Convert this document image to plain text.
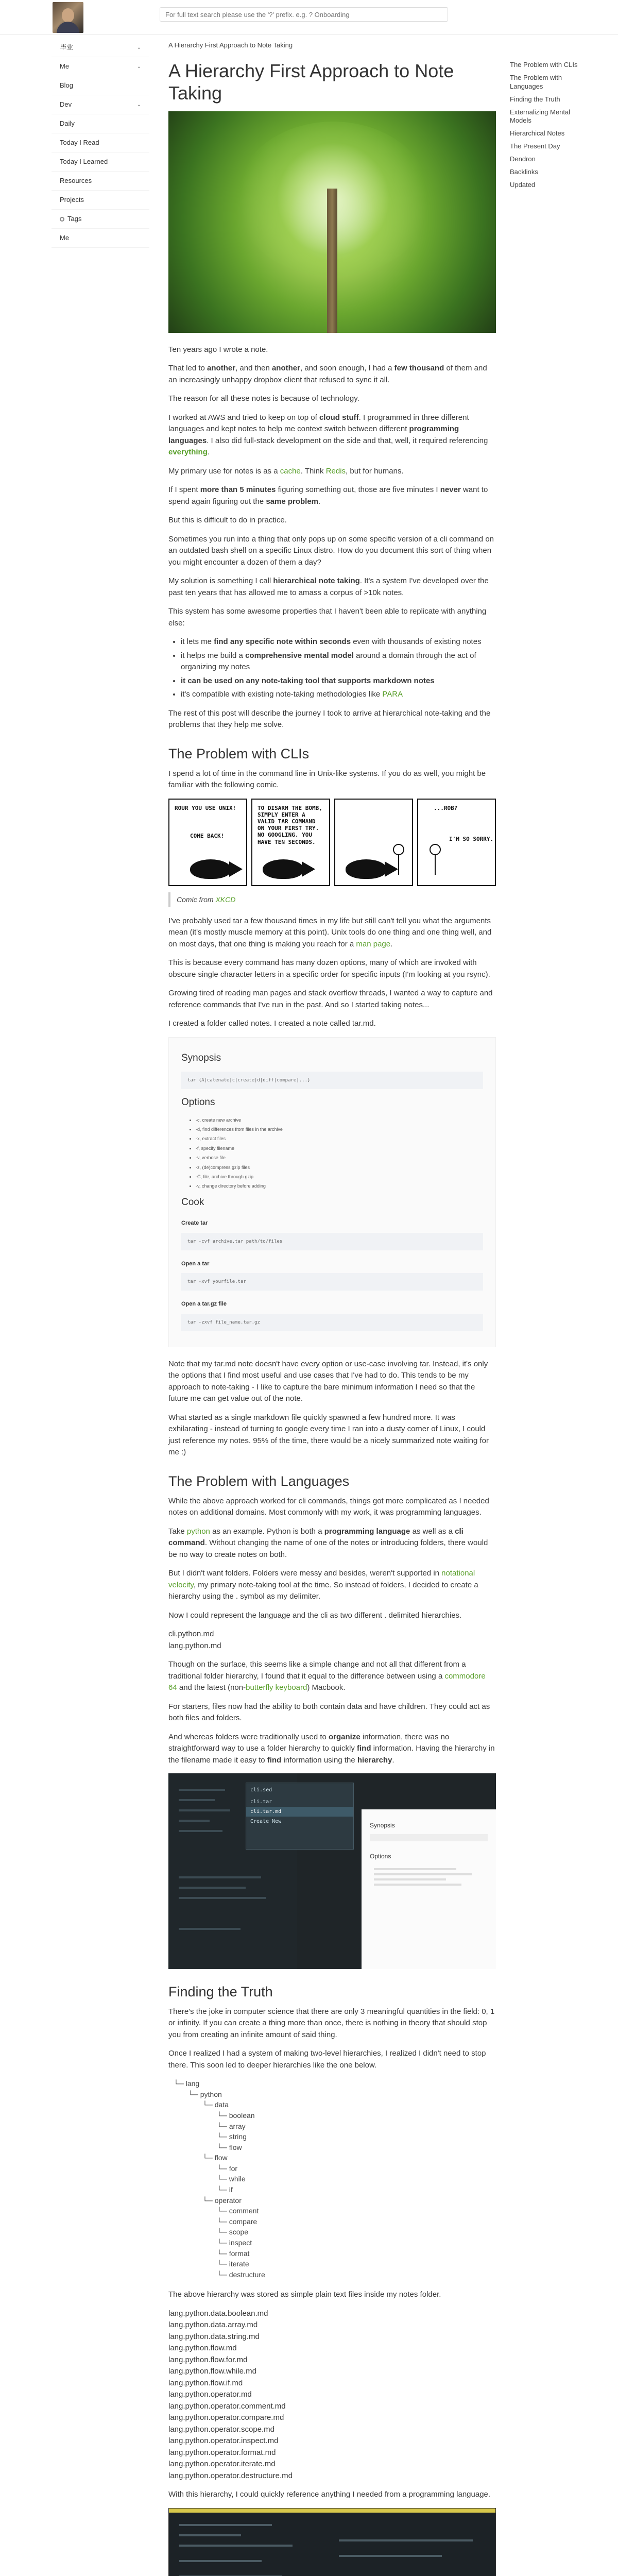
For full text search please use the '?' prefix. e.g. ? Onboarding
毕业	⌄
Me	⌄
Blog
Dev	⌄
Daily
Today I Read
Today I Learned
Resources
Projects
Tags
Me
A Hierarchy First Approach to Note Taking
A Hierarchy First Approach to Note Taking

Ten years ago I wrote a note.

That led to another, and then another, and soon enough, I had a few thousand of them and an increasingly unhappy dropbox client that refused to sync it all.

The reason for all these notes is because of technology.

I worked at AWS and tried to keep on top of cloud stuff. I programmed in three different languages and kept notes to help me context switch between different programming languages. I also did full-stack development on the side and that, well, it required referencing everything.

My primary use for notes is as a cache. Think Redis, but for humans.

If I spent more than 5 minutes figuring something out, those are five minutes I never want to spend again figuring out the same problem.

But this is difficult to do in practice.

Sometimes you run into a thing that only pops up on some specific version of a cli command on an outdated bash shell on a specific Linux distro. How do you document this sort of thing when you might encounter a dozen of them a day?

My solution is something I call hierarchical note taking. It's a system I've developed over the past ten years that has allowed me to amass a corpus of >10k notes.

This system has some awesome properties that I haven't been able to replicate with anything else:

• it lets me find any specific note within seconds even with thousands of existing notes
• it helps me build a comprehensive mental model around a domain through the act of organizing my notes
• it can be used on any note-taking tool that supports markdown notes
• it's compatible with existing note-taking methodologies like PARA

The rest of this post will describe the journey I took to arrive at hierarchical note-taking and the problems that they help me solve.

The Problem with CLIs

I spend a lot of time in the command line in Unix-like systems. If you do as well, you might be familiar with the following comic.

ROUR YOU USE UNIX!
COME BACK!
TO DISARM THE BOMB, SIMPLY ENTER A VALID TAR COMMAND ON YOUR FIRST TRY. NO GOOGLING. YOU HAVE TEN SECONDS.
...ROB?
I'M SO SORRY.
Comic from XKCD

I've probably used tar a few thousand times in my life but still can't tell you what the arguments mean (it's mostly muscle memory at this point). Unix tools do one thing and one thing well, and on most days, that one thing is making you reach for a man page.

This is because every command has many dozen options, many of which are invoked with obscure single character letters in a specific order for specific inputs (I'm looking at you rsync).

Growing tired of reading man pages and stack overflow threads, I wanted a way to capture and reference commands that I've run in the past. And so I started taking notes...

I created a folder called notes. I created a note called tar.md.

Synopsis
tar {A|catenate|c|create|d|diff|compare|...}
Options
• -c, create new archive
• -d, find differences from files in the archive
• -x, extract files
• -f, specify filename
• -v, verbose file
• -z, (de)compress gzip files
• -C, file, archive through gzip
• -v, change directory before adding
Cook
Create tar
tar -cvf archive.tar path/to/files
Open a tar
tar -xvf yourfile.tar
Open a tar.gz file
tar -zxvf file_name.tar.gz

Note that my tar.md note doesn't have every option or use-case involving tar. Instead, it's only the options that I find most useful and use cases that I've had to do. This tends to be my approach to note-taking - I like to capture the bare minimum information I need so that the future me can get value out of the note.

What started as a single markdown file quickly spawned a few hundred more. It was exhilarating - instead of turning to google every time I ran into a dusty corner of Linux, I could just reference my notes. 95% of the time, there would be a nicely summarized note waiting for me :)

The Problem with Languages

While the above approach worked for cli commands, things got more complicated as I needed notes on additional domains. Most commonly with my work, it was programming languages.

Take python as an example. Python is both a programming language as well as a cli command. Without changing the name of one of the notes or introducing folders, there would be no way to create notes on both.

But I didn't want folders. Folders were messy and besides, weren't supported in notational velocity, my primary note-taking tool at the time. So instead of folders, I decided to create a hierarchy using the . symbol as my delimiter.

Now I could represent the language and the cli as two different . delimited hierarchies.

cli.python.md

lang.python.md

Though on the surface, this seems like a simple change and not all that different from a traditional folder hierarchy, I found that it equal to the difference between using a commodore 64 and the latest (non-butterfly keyboard) Macbook.

For starters, files now had the ability to both contain data and have children. They could act as both files and folders.

And whereas folders were traditionally used to organize information, there was no straightforward way to use a folder hierarchy to quickly find information. Having the hierarchy in the filename made it easy to find information using the hierarchy.

cli.sed
cli.tar
cli.tar.md
Create New
Synopsis
Options
Finding the Truth

There's the joke in computer science that there are only 3 meaningful quantities in the field: 0, 1 or infinity. If you can create a thing more than once, there is nothing in theory that should stop you from creating an infinite amount of said thing.

Once I realized I had a system of making two-level hierarchies, I realized I didn't need to stop there. This soon led to deeper hierarchies like the one below.

└─ lang
└─ python
└─ data
└─ boolean
└─ array
└─ string
└─ flow
└─ flow
└─ for
└─ while
└─ if
└─ operator
└─ comment
└─ compare
└─ scope
└─ inspect
└─ format
└─ iterate
└─ destructure

The above hierarchy was stored as simple plain text files inside my notes folder.

lang.python.data.boolean.md

lang.python.data.array.md

lang.python.data.string.md

lang.python.flow.md

lang.python.flow.for.md

lang.python.flow.while.md

lang.python.flow.if.md

lang.python.operator.md

lang.python.operator.comment.md

lang.python.operator.compare.md

lang.python.operator.scope.md

lang.python.operator.inspect.md

lang.python.operator.format.md

lang.python.operator.iterate.md

lang.python.operator.destructure.md

With this hierarchy, I could quickly reference anything I needed from a programming language.

The Problem with CLIs
The Problem with Languages
Finding the Truth
Externalizing Mental Models
Hierarchical Notes
The Present Day
Dendron
Backlinks
Updated
